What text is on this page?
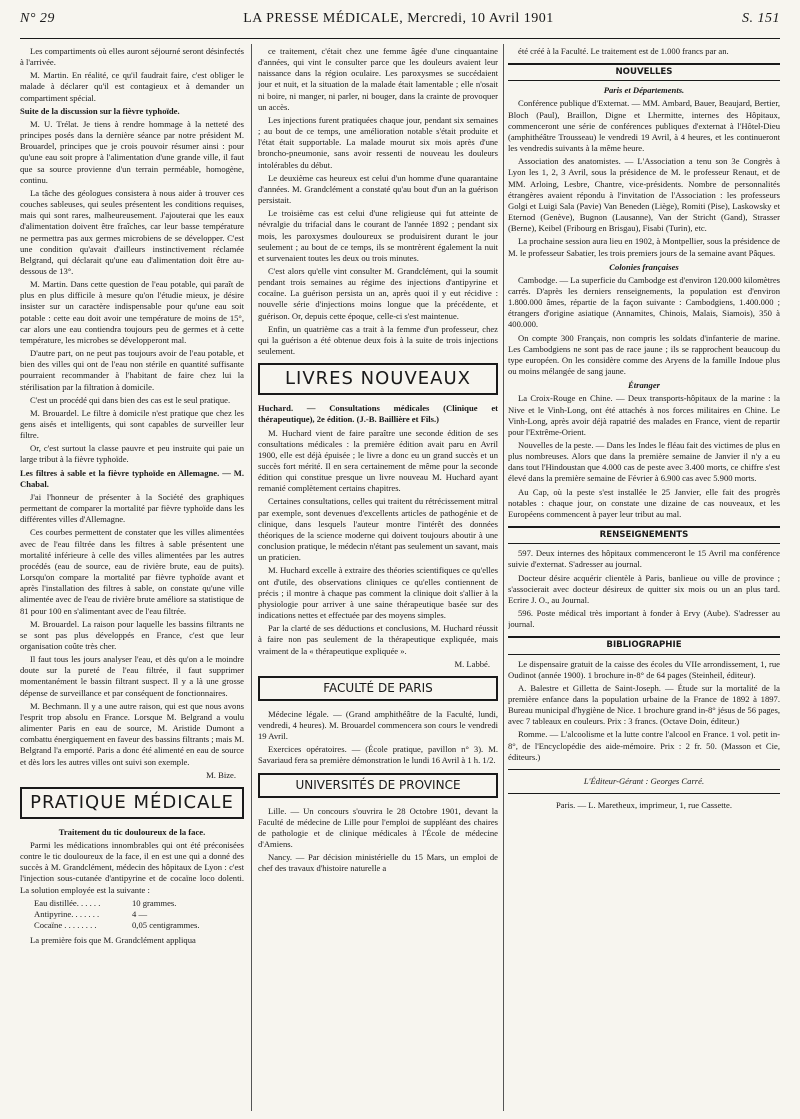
N° 29	LA PRESSE MÉDICALE, Mercredi, 10 Avril 1901	S. 151

Les compartiments où elles auront séjourné seront désinfectés à l'arrivée.

M. Martin. En réalité, ce qu'il faudrait faire, c'est obliger le malade à déclarer qu'il est contagieux et à demander un compartiment spécial.

Suite de la discussion sur la fièvre typhoïde.

M. U. Trélat. Je tiens à rendre hommage à la netteté des principes posés dans la dernière séance par notre président M. Brouardel, principes que je crois pouvoir résumer ainsi : pour qu'une eau soit propre à l'alimentation d'une grande ville, il faut que sa source provienne d'un terrain perméable, homogène, continu.

La tâche des géologues consistera à nous aider à trouver ces couches sableuses, qui seules présentent les conditions requises, mais qui sont rares, malheureusement. J'ajouterai que les eaux d'alimentation doivent être fraîches, car leur basse température ne permettra pas aux germes microbiens de se développer. C'est une condition qu'avait d'ailleurs instinctivement réclamée Belgrand, qui déclarait qu'une eau d'alimentation doit être au-dessous de 13°.

M. Martin. Dans cette question de l'eau potable, qui paraît de plus en plus difficile à mesure qu'on l'étudie mieux, je désire insister sur un caractère indispensable pour qu'une eau soit potable : cette eau doit avoir une température de moins de 15°, car alors une eau contiendra toujours peu de germes et à cette température, les microbes se développeront mal.

D'autre part, on ne peut pas toujours avoir de l'eau potable, et bien des villes qui ont de l'eau non stérile en quantité suffisante pourraient recommander à l'habitant de faire chez lui la stérilisation par la filtration à domicile.

C'est un procédé qui dans bien des cas est le seul pratique.

M. Brouardel. Le filtre à domicile n'est pratique que chez les gens aisés et intelligents, qui sont capables de surveiller leur filtre.

Or, c'est surtout la classe pauvre et peu instruite qui paie un large tribut à la fièvre typhoïde.

Les filtres à sable et la fièvre typhoïde en Allemagne. — M. Chabal.

J'ai l'honneur de présenter à la Société des graphiques permettant de comparer la mortalité par fièvre typhoïde dans les différentes villes d'Allemagne.

Ces courbes permettent de constater que les villes alimentées avec de l'eau filtrée dans les filtres à sable présentent une mortalité inférieure à celle des villes alimentées par les autres procédés (eau de source, eau de rivière brute, eau de puits). Lorsqu'on compare la mortalité par fièvre typhoïde avant et après l'installation des filtres à sable, on constate qu'une ville alimentée avec de l'eau de rivière brute améliore sa statistique de 81 pour 100 en s'alimentant avec de l'eau filtrée.

M. Brouardel. La raison pour laquelle les bassins filtrants ne se sont pas plus développés en France, c'est que leur organisation coûte très cher.

Il faut tous les jours analyser l'eau, et dès qu'on a le moindre doute sur la pureté de l'eau filtrée, il faut supprimer momentanément le bassin filtrant suspect. Il y a là une grosse dépense de surveillance et par conséquent de fonctionnaires.

M. Bechmann. Il y a une autre raison, qui est que nous avons l'esprit trop absolu en France. Lorsque M. Belgrand a voulu alimenter Paris en eau de source, M. Aristide Dumont a combattu énergiquement en faveur des bassins filtrants ; mais M. Belgrand l'a emporté. Paris a donc été alimenté en eau de source et dès lors les autres villes ont suivi son exemple.

M. Bize.

PRATIQUE MÉDICALE

Traitement du tic douloureux de la face.

Parmi les médications innombrables qui ont été préconisées contre le tic douloureux de la face, il en est une qui a donné des succès à M. Grandclément, médecin des hôpitaux de Lyon : c'est l'injection sous-cutanée d'antipyrine et de cocaïne loco dolenti. La solution employée est la suivante :

Eau distillée. . . . . .	10 grammes.
Antipyrine. . . . . . .	4 —
Cocaïne . . . . . . . .	0,05 centigrammes.

La première fois que M. Grandclément appliqua

ce traitement, c'était chez une femme âgée d'une cinquantaine d'années, qui vint le consulter parce que les douleurs avaient leur naissance dans la région oculaire. Les paroxysmes se succédaient jour et nuit, et la situation de la malade était lamentable ; elle n'osait ni boire, ni manger, ni parler, ni bouger, dans la crainte de provoquer un accès.

Les injections furent pratiquées chaque jour, pendant six semaines ; au bout de ce temps, une amélioration notable s'était produite et l'état était supportable. La malade mourut six mois après d'une broncho-pneumonie, sans avoir ressenti de nouveau les douleurs intolérables du début.

Le deuxième cas heureux est celui d'un homme d'une quarantaine d'années. M. Grandclément a constaté qu'au bout d'un an la guérison persistait.

Le troisième cas est celui d'une religieuse qui fut atteinte de névralgie du trifacial dans le courant de l'année 1892 ; pendant six mois, les paroxysmes douloureux se produisirent durant le jour seulement ; au bout de ce temps, ils se montrèrent également la nuit et survenaient toutes les deux ou trois minutes.

C'est alors qu'elle vint consulter M. Grandclément, qui la soumit pendant trois semaines au régime des injections d'antipyrine et cocaïne. La guérison persista un an, après quoi il y eut récidive : nouvelle série d'injections moins longue que la précédente, et guérison. Or, depuis cette époque, celle-ci s'est maintenue.

Enfin, un quatrième cas a trait à la femme d'un professeur, chez qui la guérison a été obtenue deux fois à la suite de trois injections seulement.

LIVRES NOUVEAUX

Huchard. — Consultations médicales (Clinique et thérapeutique), 2e édition. (J.-B. Baillière et Fils.)

M. Huchard vient de faire paraître une seconde édition de ses consultations médicales : la première édition avait paru en Avril 1900, elle est déjà épuisée ; le livre a donc eu un grand succès et un succès fort mérité. Il en sera certainement de même pour la seconde édition qui constitue presque un livre nouveau M. Huchard ayant remanié complètement certains chapitres.

Certaines consultations, celles qui traitent du rétrécissement mitral par exemple, sont devenues d'excellents articles de pathogénie et de clinique, dans lesquels l'auteur montre l'intérêt des données théoriques de la science moderne qui doivent toujours aboutir à une conclusion pratique, le médecin n'étant pas seulement un savant, mais un praticien.

M. Huchard excelle à extraire des théories scientifiques ce qu'elles ont d'utile, des observations cliniques ce qu'elles contiennent de précis ; il montre à chaque pas comment la clinique doit s'allier à la physiologie pour arriver à une saine thérapeutique basée sur des indications nettes et effectuée par des moyens simples.

Par la clarté de ses déductions et conclusions, M. Huchard réussit à faire non pas seulement de la thérapeutique expliquée, mais vraiment de la « thérapeutique expliquée ».

M. Labbé.

FACULTÉ DE PARIS

Médecine légale. — (Grand amphithéâtre de la Faculté, lundi, vendredi, 4 heures). M. Brouardel commencera son cours le vendredi 19 Avril.

Exercices opératoires. — (École pratique, pavillon n° 3). M. Savariaud fera sa première démonstration le lundi 16 Avril à 1 h. 1/2.

UNIVERSITÉS DE PROVINCE

Lille. — Un concours s'ouvrira le 28 Octobre 1901, devant la Faculté de médecine de Lille pour l'emploi de suppléant des chaires de pathologie et de clinique médicales à l'École de médecine d'Amiens.

Nancy. — Par décision ministérielle du 15 Mars, un emploi de chef des travaux d'histoire naturelle a

été créé à la Faculté. Le traitement est de 1.000 francs par an.

NOUVELLES
Paris et Départements.

Conférence publique d'Externat. — MM. Ambard, Bauer, Beaujard, Bertier, Bloch (Paul), Braillon, Digne et Lhermitte, internes des Hôpitaux, commenceront une série de conférences publiques d'externat à l'Hôtel-Dieu (amphithéâtre Trousseau) le vendredi 19 Avril, à 4 heures, et les continueront les vendredis suivants à la même heure.

Association des anatomistes. — L'Association a tenu son 3e Congrès à Lyon les 1, 2, 3 Avril, sous la présidence de M. le professeur Renaut, et de MM. Arloing, Lesbre, Chantre, vice-présidents. Nombre de personnalités étrangères avaient répondu à l'invitation de l'Association : les professeurs Golgi et Luigi Sala (Pavie) Van Beneden (Liège), Romiti (Pise), Laskowsky et Eternod (Genève), Bugnon (Lausanne), Van der Stricht (Gand), Strasser (Berne), Keibel (Fribourg en Brisgau), Fisabi (Turin), etc.

La prochaine session aura lieu en 1902, à Montpellier, sous la présidence de M. le professeur Sabatier, les trois premiers jours de la semaine avant Pâques.

Colonies françaises

Cambodge. — La superficie du Cambodge est d'environ 120.000 kilomètres carrés. D'après les derniers renseignements, la population est d'environ 1.800.000 âmes, répartie de la façon suivante : Cambodgiens, 1.400.000 ; étrangers d'origine asiatique (Annamites, Chinois, Malais, Siamois), 350 à 400.000.

On compte 300 Français, non compris les soldats d'infanterie de marine. Les Cambodgiens ne sont pas de race jaune ; ils se rapprochent beaucoup du type européen. On les considère comme des Aryens de la famille Indoue plus ou moins mélangée de sang jaune.

Étranger

La Croix-Rouge en Chine. — Deux transports-hôpitaux de la marine : la Nive et le Vinh-Long, ont été attachés à nos forces militaires en Chine. Le Vinh-Long, après avoir déjà rapatrié des malades en France, vient de repartir pour l'Extrême-Orient.

Nouvelles de la peste. — Dans les Indes le fléau fait des victimes de plus en plus nombreuses. Alors que dans la première semaine de Janvier il n'y a eu dans tout l'Hindoustan que 4.000 cas de peste avec 3.400 morts, ce chiffre s'est élevé dans la première semaine de Février à 6.900 cas avec 5.900 morts.

Au Cap, où la peste s'est installée le 25 Janvier, elle fait des progrès notables : chaque jour, on constate une dizaine de cas nouveaux, et les Européens commencent à payer leur tribut au mal.

RENSEIGNEMENTS

597. Deux internes des hôpitaux commenceront le 15 Avril ma conférence suivie d'externat. S'adresser au journal.

Docteur désire acquérir clientèle à Paris, banlieue ou ville de province ; s'associerait avec docteur désireux de quitter six mois ou un an plus tard. Ecrire J. O., au Journal.

596. Poste médical très important à fonder à Ervy (Aube). S'adresser au journal.

BIBLIOGRAPHIE

Le dispensaire gratuit de la caisse des écoles du VIIe arrondissement, 1, rue Oudinot (année 1900). 1 brochure in-8° de 64 pages (Steinheil, éditeur).

A. Balestre et Gilletta de Saint-Joseph. — Étude sur la mortalité de la première enfance dans la population urbaine de la France de 1892 à 1897. Bureau municipal d'hygiène de Nice. 1 brochure grand in-8° jésus de 56 pages, avec 7 tableaux en couleurs. Prix : 3 francs. (Octave Doin, éditeur.)

Romme. — L'alcoolisme et la lutte contre l'alcool en France. 1 vol. petit in-8°, de l'Encyclopédie des aide-mémoire. Prix : 2 fr. 50. (Masson et Cie, éditeurs.)

L'Éditeur-Gérant : Georges Carré.
Paris. — L. Maretheux, imprimeur, 1, rue Cassette.
